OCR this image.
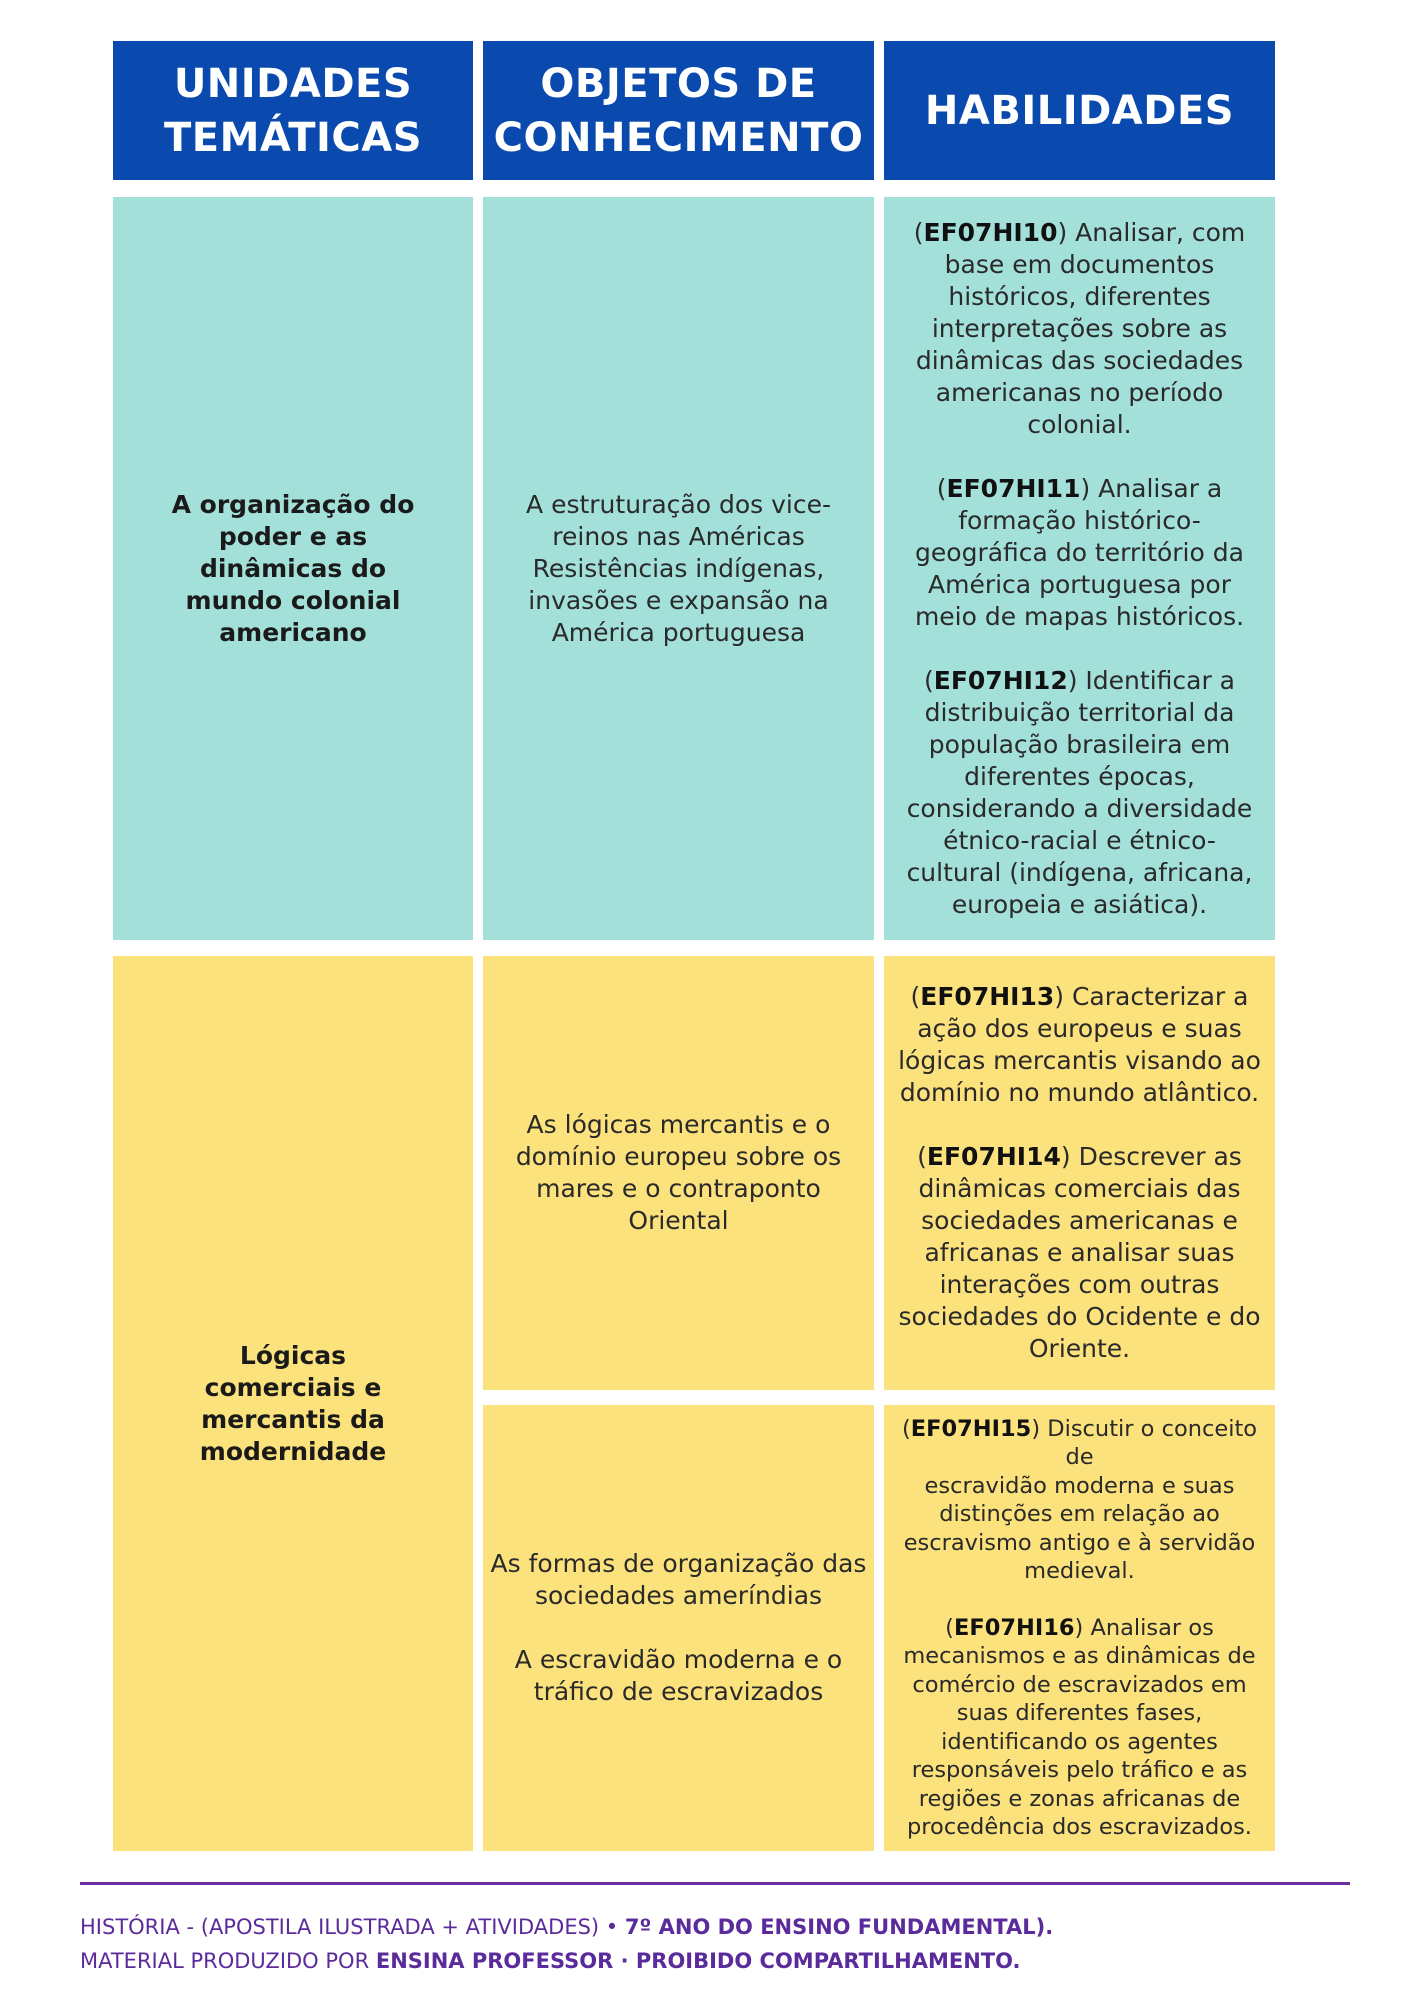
UNIDADES
TEMÁTICAS
OBJETOS DE
CONHECIMENTO
HABILIDADES
A organização do
poder e as
dinâmicas do
mundo colonial
americano
A estruturação dos vice-
reinos nas Américas
Resistências indígenas,
invasões e expansão na
América portuguesa

(EF07HI10) Analisar, com
base em documentos
históricos, diferentes
interpretações sobre as
dinâmicas das sociedades
americanas no período
colonial.

(EF07HI11) Analisar a
formação histórico-
geográfica do território da
América portuguesa por
meio de mapas históricos.

(EF07HI12) Identificar a
distribuição territorial da
população brasileira em
diferentes épocas,
considerando a diversidade
étnico-racial e étnico-
cultural (indígena, africana,
europeia e asiática).

Lógicas
comerciais e
mercantis da
modernidade
As lógicas mercantis e o
domínio europeu sobre os
mares e o contraponto
Oriental

(EF07HI13) Caracterizar a
ação dos europeus e suas
lógicas mercantis visando ao
domínio no mundo atlântico.

(EF07HI14) Descrever as
dinâmicas comerciais das
sociedades americanas e
africanas e analisar suas
interações com outras
sociedades do Ocidente e do
Oriente.

As formas de organização das
sociedades ameríndias

A escravidão moderna e o
tráfico de escravizados

(EF07HI15) Discutir o conceito de
escravidão moderna e suas
distinções em relação ao
escravismo antigo e à servidão
medieval.

(EF07HI16) Analisar os
mecanismos e as dinâmicas de
comércio de escravizados em
suas diferentes fases,
identificando os agentes
responsáveis pelo tráfico e as
regiões e zonas africanas de
procedência dos escravizados.

HISTÓRIA - (APOSTILA ILUSTRADA + ATIVIDADES) • 7º ANO DO ENSINO FUNDAMENTAL).
MATERIAL PRODUZIDO POR ENSINA PROFESSOR · PROIBIDO COMPARTILHAMENTO.
